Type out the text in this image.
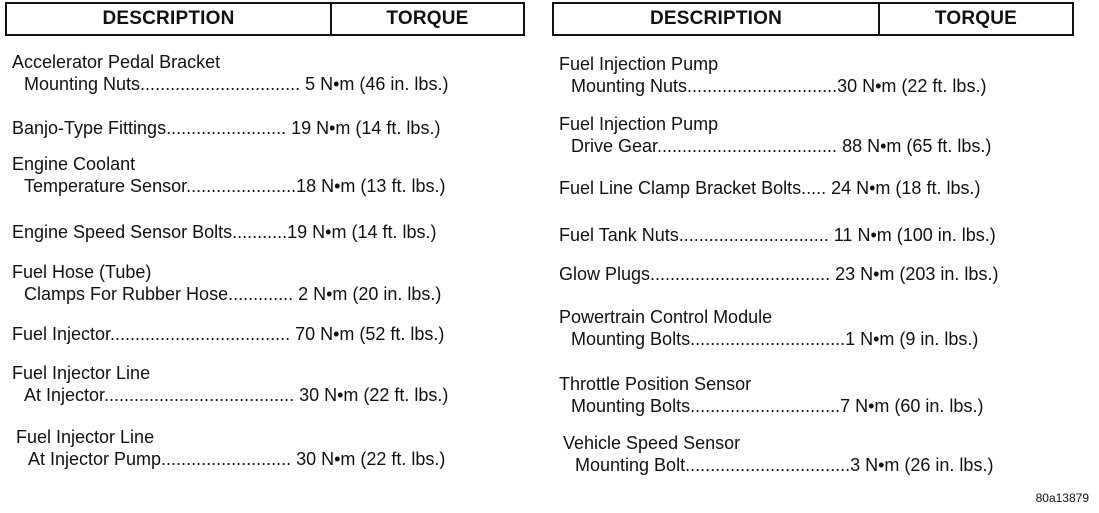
DESCRIPTION	TORQUE	DESCRIPTION	TORQUE
Accelerator Pedal Bracket
Mounting Nuts................................ 5 N•m (46 in. lbs.)
Banjo-Type Fittings........................ 19 N•m (14 ft. lbs.)
Engine Coolant
Temperature Sensor......................18 N•m (13 ft. lbs.)
Engine Speed Sensor Bolts...........19 N•m (14 ft. lbs.)
Fuel Hose (Tube)
Clamps For Rubber Hose............. 2 N•m (20 in. lbs.)
Fuel Injector.................................... 70 N•m (52 ft. lbs.)
Fuel Injector Line
At Injector...................................... 30 N•m (22 ft. lbs.)
Fuel Injector Line
At Injector Pump.......................... 30 N•m (22 ft. lbs.)
Fuel Injection Pump
Mounting Nuts..............................30 N•m (22 ft. lbs.)
Fuel Injection Pump
Drive Gear.................................... 88 N•m (65 ft. lbs.)
Fuel Line Clamp Bracket Bolts..... 24 N•m (18 ft. lbs.)
Fuel Tank Nuts.............................. 11 N•m (100 in. lbs.)
Glow Plugs.................................... 23 N•m (203 in. lbs.)
Powertrain Control Module
Mounting Bolts...............................1 N•m (9 in. lbs.)
Throttle Position Sensor
Mounting Bolts..............................7 N•m (60 in. lbs.)
Vehicle Speed Sensor
Mounting Bolt.................................3 N•m (26 in. lbs.)
80a13879
